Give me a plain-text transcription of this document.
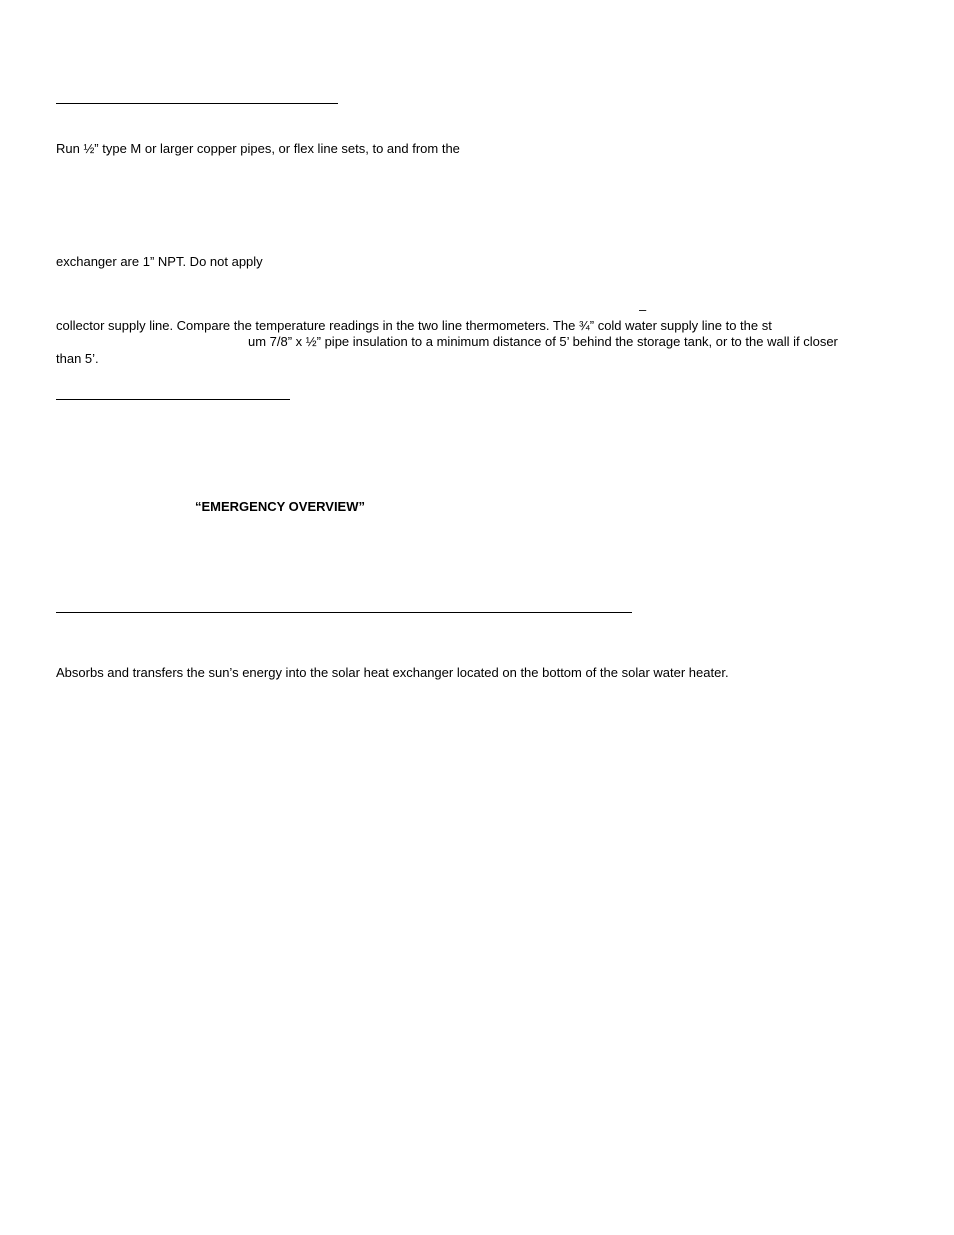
Run ½” type M or larger copper pipes, or flex line sets, to and from the
exchanger are 1” NPT. Do not apply
–
collector supply line. Compare the temperature readings in the two line thermometers. The ¾” cold water supply line to the st
um 7/8” x ½” pipe insulation to a minimum distance of 5’ behind the storage tank, or to the wall if closer
than 5’.
“EMERGENCY OVERVIEW”
Absorbs and transfers the sun’s energy into the solar heat exchanger located on the bottom of the solar water heater.
